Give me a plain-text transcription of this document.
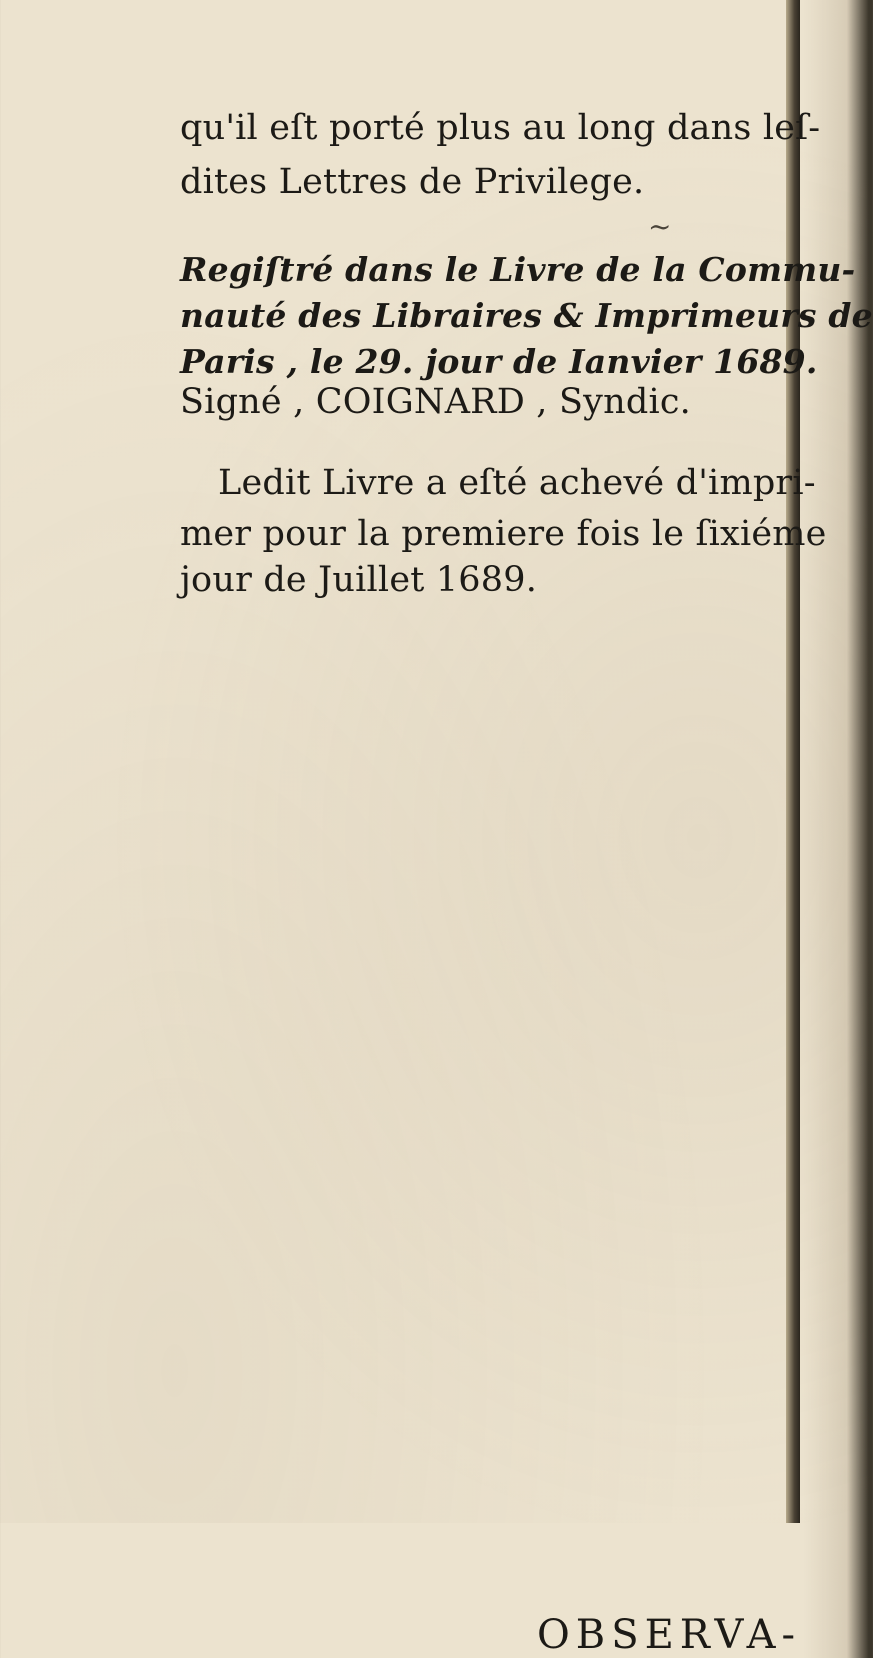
qu'il eſt porté plus au long dans leſ-
dites Lettres de Privilege.
~
Regiſtré dans le Livre de la Commu-
nauté des Libraires & Imprimeurs de
Paris , le 29. jour de Ianvier 1689.
Signé , COIGNARD , Syndic.
Ledit Livre a eſté achevé d'impri-
mer pour la premiere fois le ſixiéme
jour de Juillet 1689.
OBSERVA-
